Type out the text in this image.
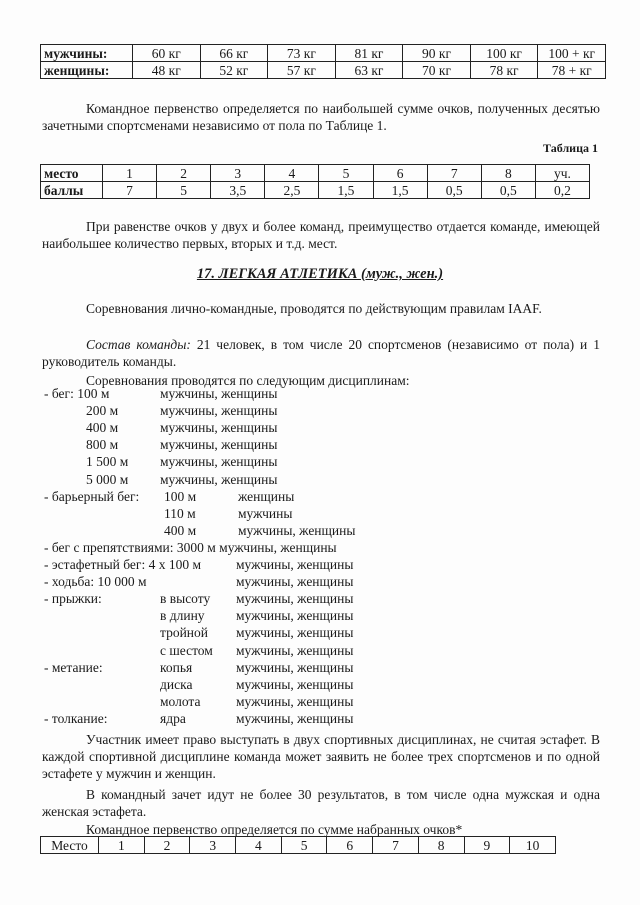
мужчины:	60 кг	66 кг	73 кг	81 кг	90 кг	100 кг	100 + кг
женщины:	48 кг	52 кг	57 кг	63 кг	70 кг	78 кг	78 + кг

Командное первенство определяется по наибольшей сумме очков, полученных десятью зачетными спортсменами независимо от пола по Таблице 1.

Таблица 1
место	1	2	3	4	5	6	7	8	уч.
баллы	7	5	3,5	2,5	1,5	1,5	0,5	0,5	0,2

При равенстве очков у двух и более команд, преимущество отдается команде, имеющей наибольшее количество первых, вторых и т.д. мест.

17. ЛЕГКАЯ АТЛЕТИКА (муж., жен.)

Соревнования лично-командные, проводятся по действующим правилам IAAF.

Состав команды: 21 человек, в том числе 20 спортсменов (независимо от пола) и 1 руководитель команды.

Соревнования проводятся по следующим дисциплинам:

- бег: 100 м	мужчины, женщины
200 м	мужчины, женщины
400 м	мужчины, женщины
800 м	мужчины, женщины
1 500 м мужчины, женщины
5 000 м мужчины, женщины
- барьерный бег: 100 м	женщины
110 м	мужчины
400 м	мужчины, женщины
- бег с препятствиями: 3000 м мужчины, женщины
- эстафетный бег: 4 х 100 м	мужчины, женщины
- ходьба: 10 000 м	мужчины, женщины
- прыжки:	в высоту мужчины, женщины
в длину мужчины, женщины
тройной мужчины, женщины
с шестом мужчины, женщины
- метание:	копья	мужчины, женщины
диска	мужчины, женщины
молота	мужчины, женщины
- толкание:	ядра	мужчины, женщины

Участник имеет право выступать в двух спортивных дисциплинах, не считая эстафет. В каждой спортивной дисциплине команда может заявить не более трех спортсменов и по одной эстафете у мужчин и женщин.

В командный зачет идут не более 30 результатов, в том числе одна мужская и одна женская эстафета.

Командное первенство определяется по сумме набранных очков*

Место	1	2	3	4	5	6	7	8	9	10
